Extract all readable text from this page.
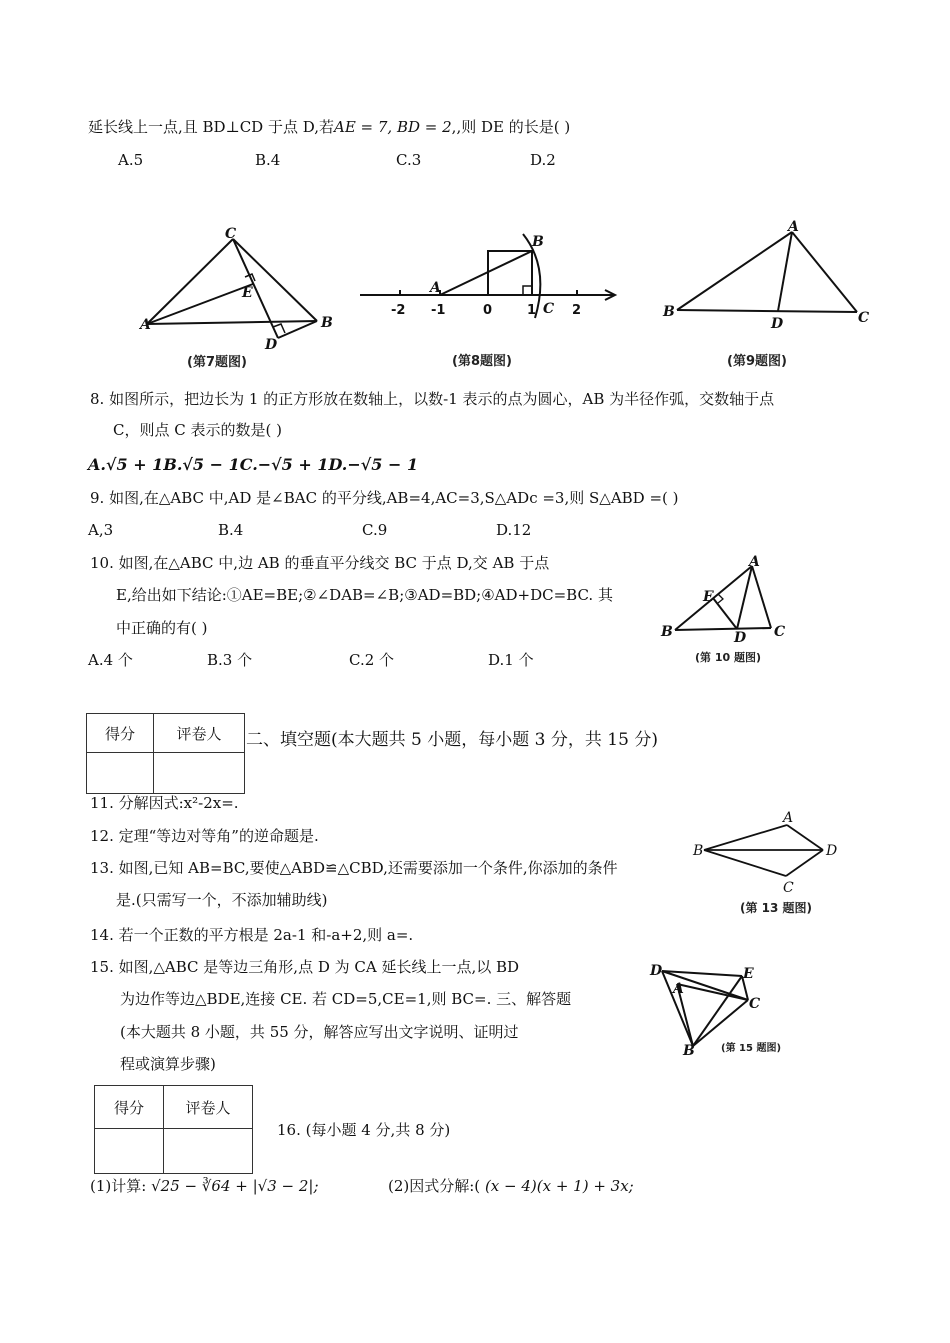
延长线上一点,且 BD⊥CD 于点 D,若AE = 7, BD = 2,,则 DE 的长是( )
A.5	B.4	C.3	D.2
C
E
A	B
D
(第7题图)
A
B
C
-2 -1	0	1	2
(第8题图)
A
B
D	C
(第9题图)
8. 如图所示，把边长为 1 的正方形放在数轴上，以数-1 表示的点为圆心，AB 为半径作弧，交数轴于点
C，则点 C 表示的数是( )
A.√5 + 1B.√5 − 1C.−√5 + 1D.−√5 − 1
9. 如图,在△ABC 中,AD 是∠BAC 的平分线,AB=4,AC=3,S△ADc =3,则 S△ABD =( )
A,3	B.4	C.9	D.12
10. 如图,在△ABC 中,边 AB 的垂直平分线交 BC 于点 D,交 AB 于点
E,给出如下结论:①AE=BE;②∠DAB=∠B;③AD=BD;④AD+DC=BC. 其
中正确的有( )
A.4 个	B.3 个	C.2 个	D.1 个
A
E
B	D C
(第 10 题图)
得分	评卷人
	二、填空题(本大题共 5 小题，每小题 3 分，共 15 分)
11. 分解因式:x²-2x=.
12. 定理“等边对等角”的逆命题是.
13. 如图,已知 AB=BC,要使△ABD≌△CBD,还需要添加一个条件,你添加的条件
是.(只需写一个，不添加辅助线)
14. 若一个正数的平方根是 2a-1 和-a+2,则 a=.
A
B	D
C
(第 13 题图)
15. 如图,△ABC 是等边三角形,点 D 为 CA 延长线上一点,以 BD
为边作等边△BDE,连接 CE. 若 CD=5,CE=1,则 BC=. 三、解答题
(本大题共 8 小题，共 55 分，解答应写出文字说明、证明过
程或演算步骤)
D	E
A
C
B	(第 15 题图)
得分	评卷人

16. (每小题 4 分,共 8 分)
(1)计算: √25 − ∛64 + |√3 − 2|;	(2)因式分解:( (x − 4)(x + 1) + 3x;
